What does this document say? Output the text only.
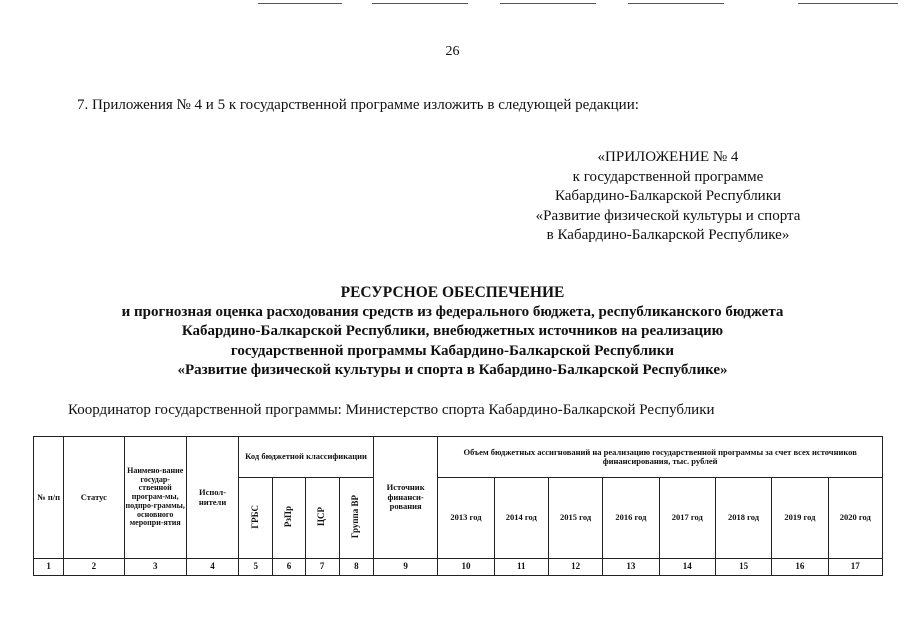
26
7. Приложения № 4 и 5 к государственной программе изложить в следующей редакции:
«ПРИЛОЖЕНИЕ № 4
к государственной программе
Кабардино-Балкарской Республики
«Развитие физической культуры и спорта
в Кабардино-Балкарской Республике»
РЕСУРСНОЕ ОБЕСПЕЧЕНИЕ
и прогнозная оценка расходования средств из федерального бюджета, республиканского бюджета
Кабардино-Балкарской Республики, внебюджетных источников на реализацию
государственной программы Кабардино-Балкарской Республики
«Развитие физической культуры и спорта в Кабардино-Балкарской Республике»
Координатор государственной программы: Министерство спорта Кабардино-Балкарской Республики
№ п/п	Статус	Наимено-вание государ-ственной програм-мы, подпро-граммы, основного меропри-ятия	Испол-нители	Код бюджетной классификации				Источник финанси-рования	Объем бюджетных ассигнований на реализацию государственной программы за счет всех источников финансирования, тыс. рублей							
				ГРБС	РзПр	ЦСР	Группа ВР		2013 год	2014 год	2015 год	2016 год	2017 год	2018 год	2019 год	2020 год
1	2	3	4	5	6	7	8	9	10	11	12	13	14	15	16	17
